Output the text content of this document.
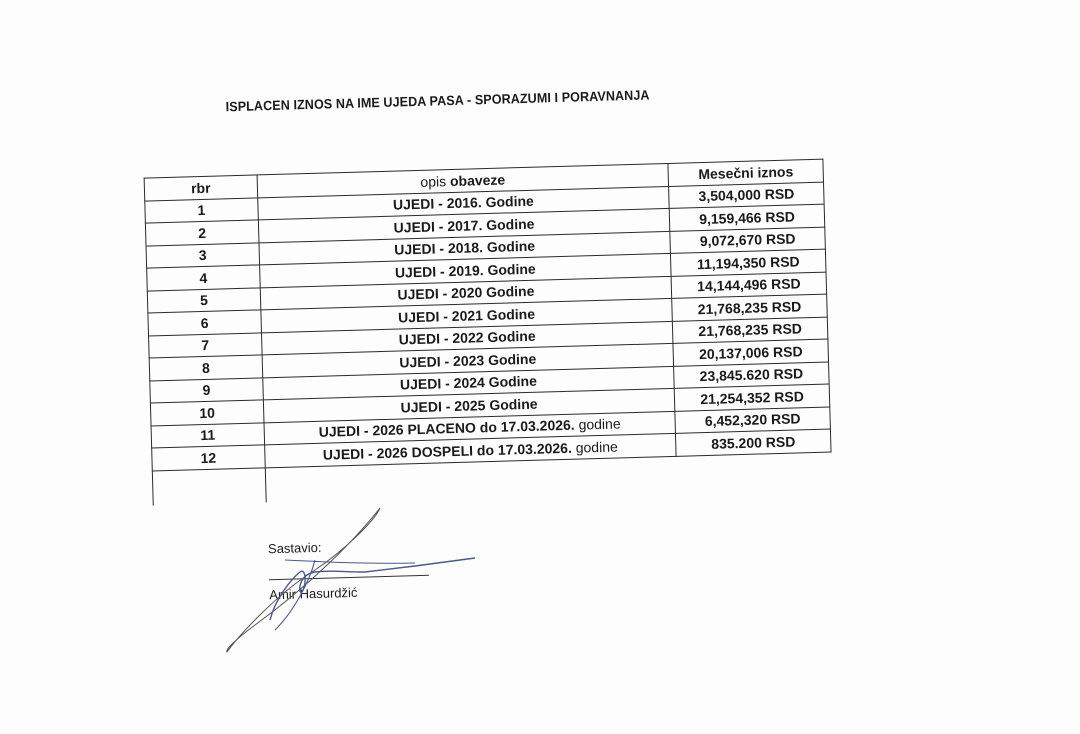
ISPLACEN IZNOS NA IME UJEDA PASA - SPORAZUMI I PORAVNANJA
rbr	opis obaveze	Mesečni iznos
1	UJEDI - 2016. Godine	3,504,000 RSD
2	UJEDI - 2017. Godine	9,159,466 RSD
3	UJEDI - 2018. Godine	9,072,670 RSD
4	UJEDI - 2019. Godine	11,194,350 RSD
5	UJEDI - 2020 Godine	14,144,496 RSD
6	UJEDI - 2021 Godine	21,768,235 RSD
7	UJEDI - 2022 Godine	21,768,235 RSD
8	UJEDI - 2023 Godine	20,137,006 RSD
9	UJEDI - 2024 Godine	23,845.620 RSD
10	UJEDI - 2025 Godine	21,254,352 RSD
11	UJEDI - 2026 PLACENO do 17.03.2026. godine	6,452,320 RSD
12	UJEDI - 2026 DOSPELI do 17.03.2026. godine	835.200 RSD

Sastavio:
Amir Hasurdžić
